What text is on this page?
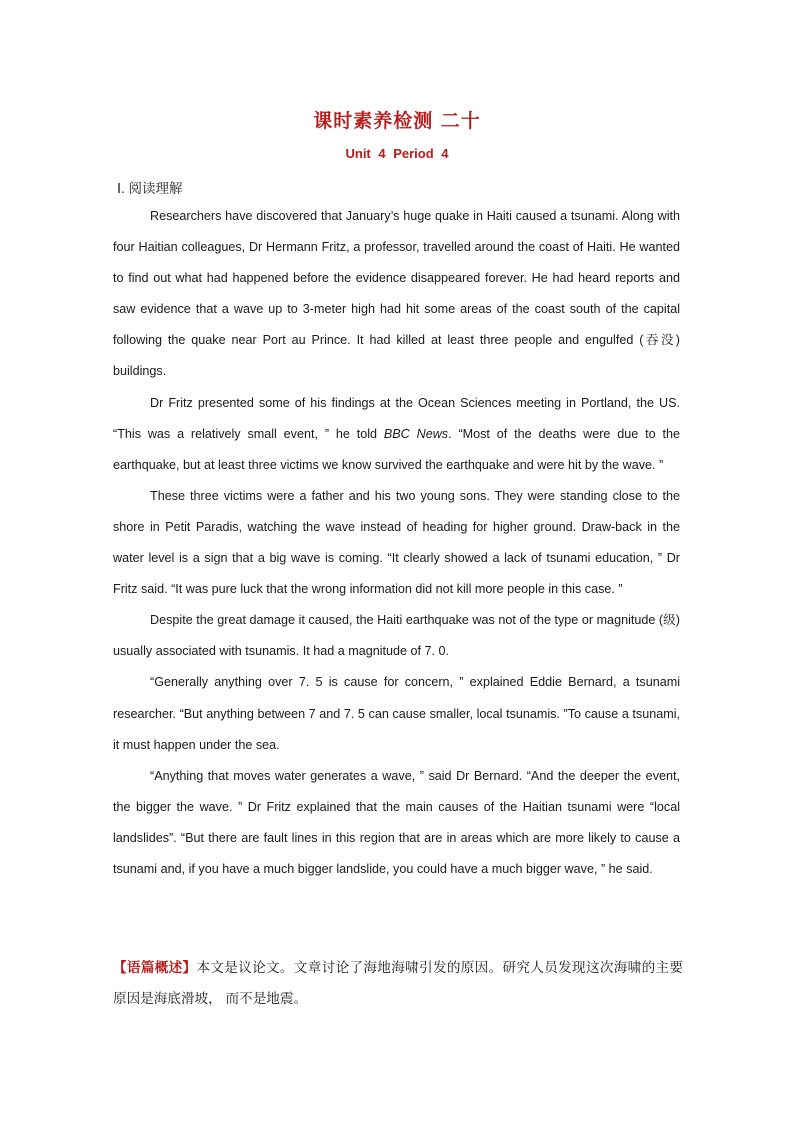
课时素养检测 二十
Unit 4 Period 4
Ⅰ. 阅读理解

Researchers have discovered that January’s huge quake in Haiti caused a tsunami. Along with four Haitian colleagues, Dr Hermann Fritz, a professor, travelled around the coast of Haiti. He wanted to find out what had happened before the evidence disappeared forever. He had heard reports and saw evidence that a wave up to 3-meter high had hit some areas of the coast south of the capital following the quake near Port au Prince. It had killed at least three people and engulfed (吞没) buildings.

Dr Fritz presented some of his findings at the Ocean Sciences meeting in Portland, the US. “This was a relatively small event, ” he told BBC News. “Most of the deaths were due to the earthquake, but at least three victims we know survived the earthquake and were hit by the wave. ”

These three victims were a father and his two young sons. They were standing close to the shore in Petit Paradis, watching the wave instead of heading for higher ground. Draw-back in the water level is a sign that a big wave is coming. “It clearly showed a lack of tsunami education, ” Dr Fritz said. “It was pure luck that the wrong information did not kill more people in this case. ”

Despite the great damage it caused, the Haiti earthquake was not of the type or magnitude (级) usually associated with tsunamis. It had a magnitude of 7. 0.

“Generally anything over 7. 5 is cause for concern, ” explained Eddie Bernard, a tsunami researcher. “But anything between 7 and 7. 5 can cause smaller, local tsunamis. ”To cause a tsunami, it must happen under the sea.

“Anything that moves water generates a wave, ” said Dr Bernard. “And the deeper the event, the bigger the wave. ” Dr Fritz explained that the main causes of the Haitian tsunami were “local landslides”. “But there are fault lines in this region that are in areas which are more likely to cause a tsunami and, if you have a much bigger landslide, you could have a much bigger wave, ” he said.

【语篇概述】本文是议论文。文章讨论了海地海啸引发的原因。研究人员发现这次海啸的主要原因是海底滑坡， 而不是地震。
